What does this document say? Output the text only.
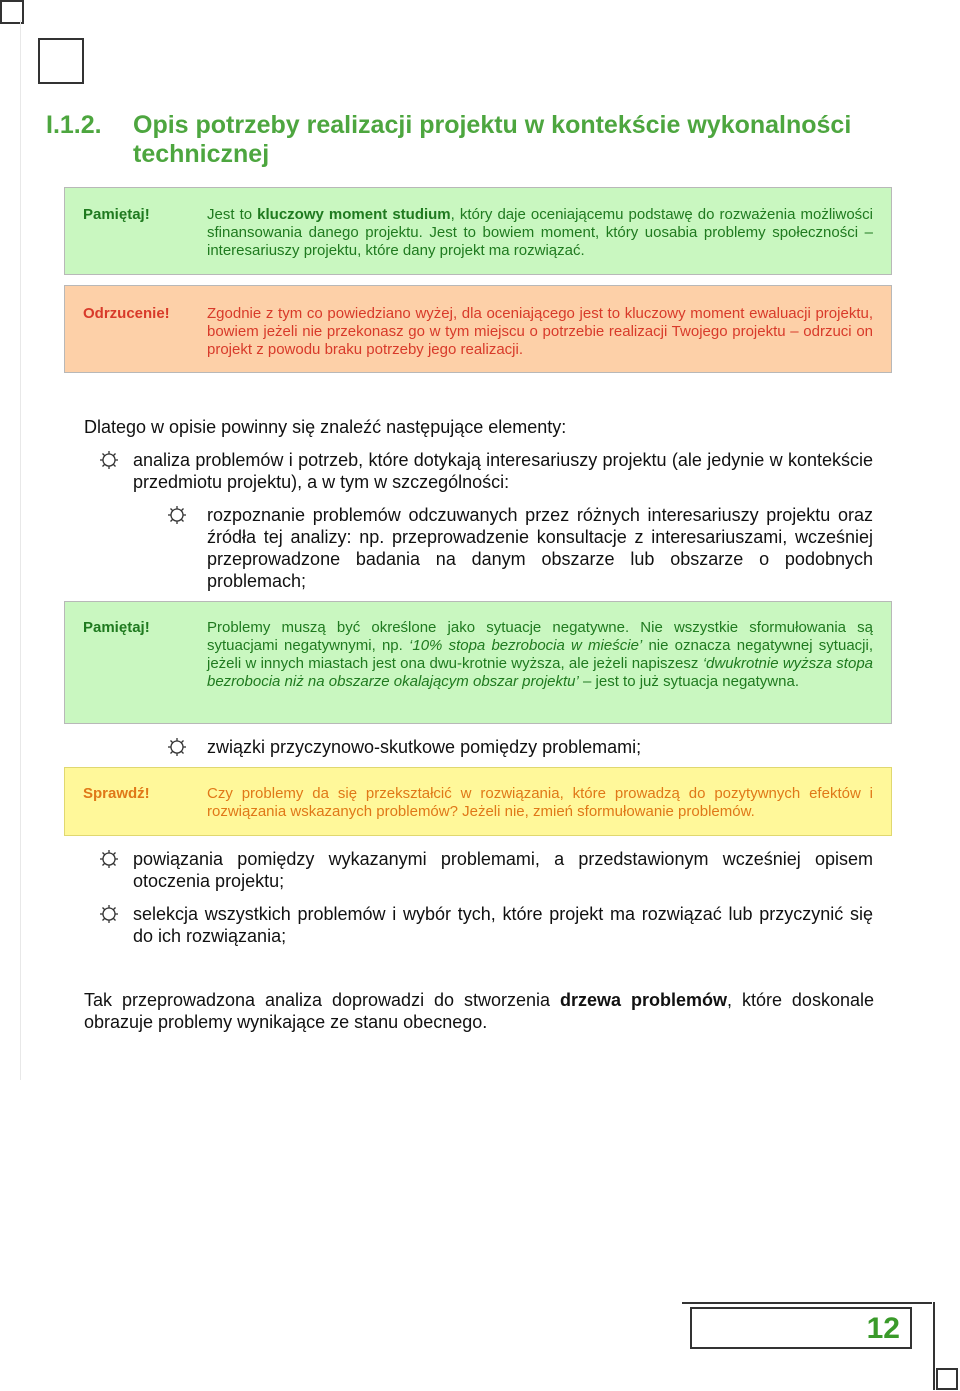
I.1.2. Opis potrzeby realizacji projektu w kontekście wykonalności technicznej
Pamiętaj!	Jest to kluczowy moment studium, który daje oceniającemu podstawę do rozważenia możliwości sfinansowania danego projektu. Jest to bowiem moment, który uosabia problemy społeczności – interesariuszy projektu, które dany projekt ma rozwiązać.
Odrzucenie! Zgodnie z tym co powiedziano wyżej, dla oceniającego jest to kluczowy moment ewaluacji projektu, bowiem jeżeli nie przekonasz go w tym miejscu o potrzebie realizacji Twojego projektu – odrzuci on projekt z powodu braku potrzeby jego realizacji.
Dlatego w opisie powinny się znaleźć następujące elementy:
analiza problemów i potrzeb, które dotykają interesariuszy projektu (ale jedynie w kontekście przedmiotu projektu), a w tym w szczególności:
rozpoznanie problemów odczuwanych przez różnych interesariuszy projektu oraz źródła tej analizy: np. przeprowadzenie konsultacje z interesariuszami, wcześniej przeprowadzone badania na danym obszarze lub obszarze o podobnych problemach;
Pamiętaj!	Problemy muszą być określone jako sytuacje negatywne. Nie wszystkie sformułowania są sytuacjami negatywnymi, np. ‘10% stopa bezrobocia w mieście’ nie oznacza negatywnej sytuacji, jeżeli w innych miastach jest ona dwu-krotnie wyższa, ale jeżeli napiszesz ‘dwukrotnie wyższa stopa bezrobocia niż na obszarze okalającym obszar projektu’ – jest to już sytuacja negatywna.
związki przyczynowo-skutkowe pomiędzy problemami;
Sprawdź!	Czy problemy da się przekształcić w rozwiązania, które prowadzą do pozytywnych efektów i rozwiązania wskazanych problemów? Jeżeli nie, zmień sformułowanie problemów.
powiązania pomiędzy wykazanymi problemami, a przedstawionym wcześniej opisem otoczenia projektu;
selekcja wszystkich problemów i wybór tych, które projekt ma rozwiązać lub przyczynić się do ich rozwiązania;
Tak przeprowadzona analiza doprowadzi do stworzenia drzewa problemów, które doskonale obrazuje problemy wynikające ze stanu obecnego.
12
